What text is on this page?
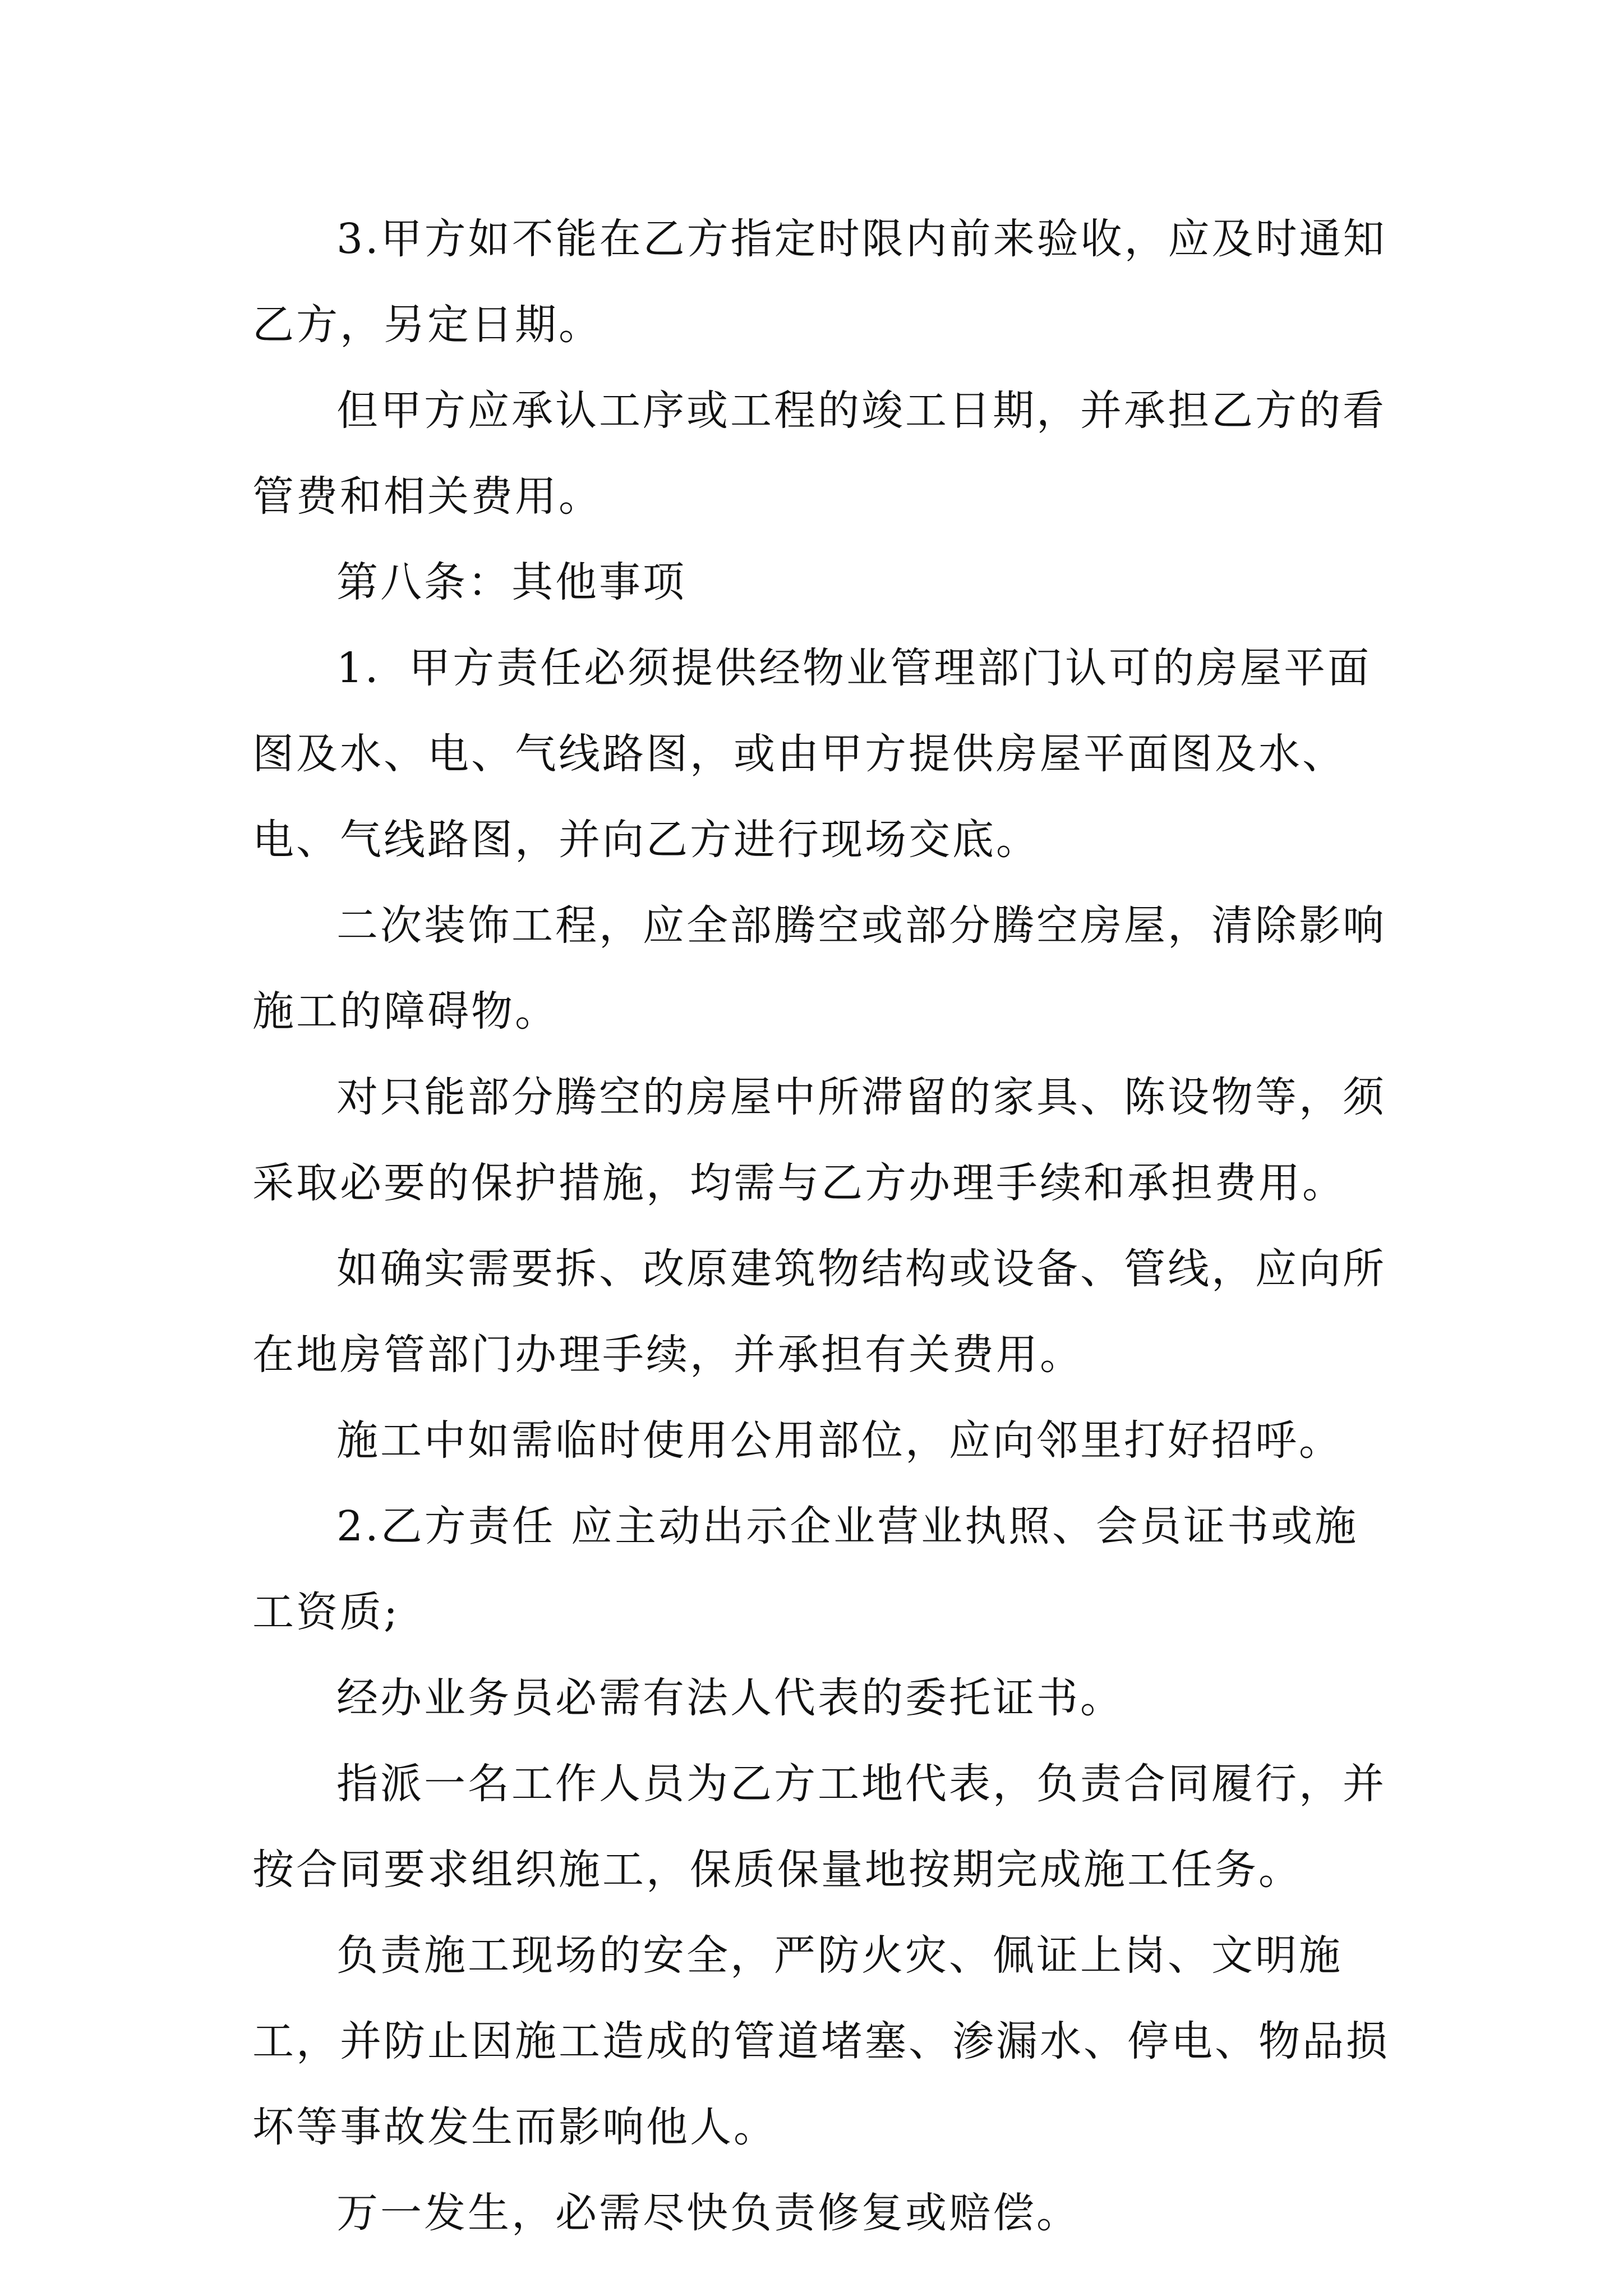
3.甲方如不能在乙方指定时限内前来验收，应及时通知乙方，另定日期。

但甲方应承认工序或工程的竣工日期，并承担乙方的看管费和相关费用。

第八条：其他事项

1．甲方责任必须提供经物业管理部门认可的房屋平面图及水、电、气线路图，或由甲方提供房屋平面图及水、电、气线路图，并向乙方进行现场交底。

二次装饰工程，应全部腾空或部分腾空房屋，清除影响施工的障碍物。

对只能部分腾空的房屋中所滞留的家具、陈设物等，须采取必要的保护措施，均需与乙方办理手续和承担费用。

如确实需要拆、改原建筑物结构或设备、管线，应向所在地房管部门办理手续，并承担有关费用。

施工中如需临时使用公用部位，应向邻里打好招呼。

2.乙方责任 应主动出示企业营业执照、会员证书或施工资质;

经办业务员必需有法人代表的委托证书。

指派一名工作人员为乙方工地代表，负责合同履行，并按合同要求组织施工，保质保量地按期完成施工任务。

负责施工现场的安全，严防火灾、佩证上岗、文明施工，并防止因施工造成的管道堵塞、渗漏水、停电、物品损坏等事故发生而影响他人。

万一发生，必需尽快负责修复或赔偿。
